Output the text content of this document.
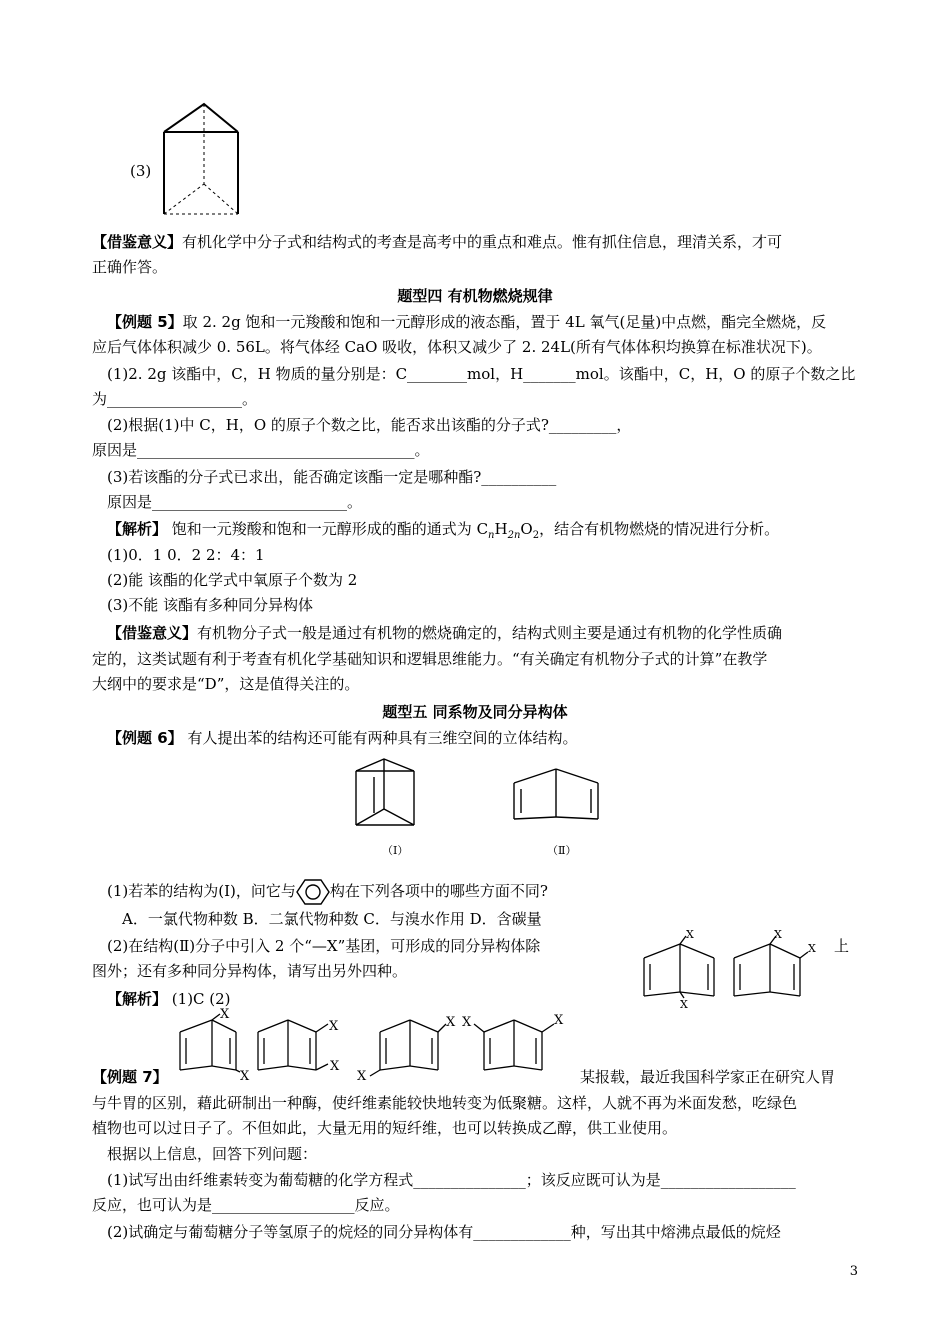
(3)
【借鉴意义】有机化学中分子式和结构式的考查是高考中的重点和难点。惟有抓住信息，理清关系，才可
正确作答。
题型四 有机物燃烧规律
【例题 5】取 2. 2g 饱和一元羧酸和饱和一元醇形成的液态酯，置于 4L 氧气(足量)中点燃，酯完全燃烧，反
应后气体体积减少 0. 56L。将气体经 CaO 吸收，体积又减少了 2. 24L(所有气体体积均换算在标准状况下)。
(1)2. 2g 该酯中，C，H 物质的量分别是：C________mol，H_______mol。该酯中，C，H，O 的原子个数之比
为__________________。
(2)根据(1)中 C，H，O 的原子个数之比，能否求出该酯的分子式?_________，
原因是_____________________________________。
(3)若该酯的分子式已求出，能否确定该酯一定是哪种酯?__________
原因是__________________________。
【解析】 饱和一元羧酸和饱和一元醇形成的酯的通式为 $C_nH_{2n}O_2$，结合有机物燃烧的情况进行分析。
(1)0．1 0．2 2：4：1
(2)能 该酯的化学式中氧原子个数为 2
(3)不能 该酯有多种同分异构体
【借鉴意义】有机物分子式一般是通过有机物的燃烧确定的，结构式则主要是通过有机物的化学性质确
定的，这类试题有利于考查有机化学基础知识和逻辑思维能力。“有关确定有机物分子式的计算”在教学
大纲中的要求是“D”，这是值得关注的。
题型五 同系物及同分异构体
【例题 6】 有人提出苯的结构还可能有两种具有三维空间的立体结构。
（Ⅰ）	（Ⅱ）
(1)若苯的结构为(Ⅰ)，问它与 构在下列各项中的哪些方面不同?
A．一氯代物种数 B．二氯代物种数 C．与溴水作用 D．含碳量
(2)在结构(Ⅱ)分子中引入 2 个“—X”基团，可形成的同分异构体除	上
图外；还有多种同分异构体，请写出另外四种。
X
X
X
X
【解析】 (1)C (2)
X
X
X
X
X
X
X	X
【例题 7】	某报载，最近我国科学家正在研究人胃
与牛胃的区别，藉此研制出一种酶，使纤维素能较快地转变为低聚糖。这样，人就不再为米面发愁，吃绿色
植物也可以过日子了。不但如此，大量无用的短纤维，也可以转换成乙醇，供工业使用。
根据以上信息，回答下列问题：
(1)试写出由纤维素转变为葡萄糖的化学方程式_______________；该反应既可认为是__________________
反应，也可认为是___________________反应。
(2)试确定与葡萄糖分子等氢原子的烷烃的同分异构体有_____________种，写出其中熔沸点最低的烷烃
3
